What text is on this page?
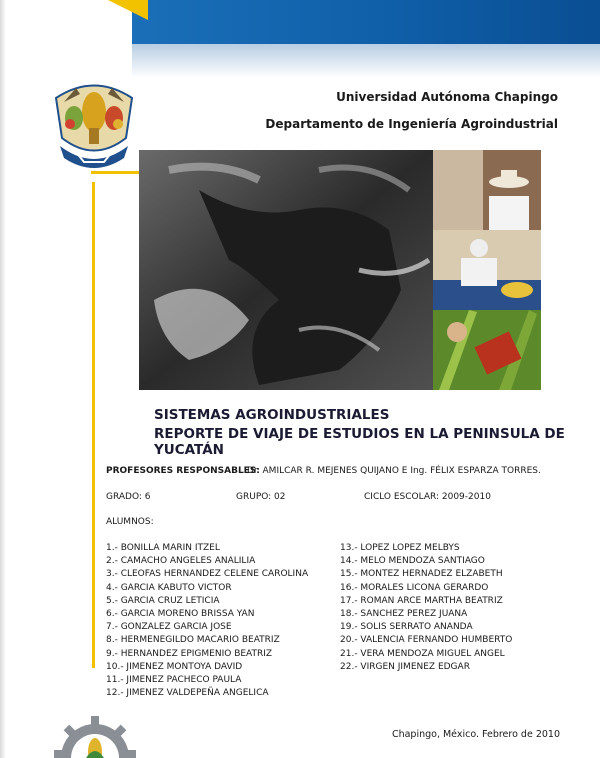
Universidad Autónoma Chapingo
Departamento de Ingeniería Agroindustrial
SISTEMAS AGROINDUSTRIALES
REPORTE DE VIAJE DE ESTUDIOS EN LA PENINSULA DE YUCATÁN
PROFESORES RESPONSABLES:
Dr. AMILCAR R. MEJENES QUIJANO E Ing. FÉLIX ESPARZA TORRES.
GRADO: 6	GRUPO: 02	CICLO ESCOLAR: 2009-2010
ALUMNOS:
1.- BONILLA MARIN ITZEL
2.- CAMACHO ANGELES ANALILIA
3.- CLEOFAS HERNANDEZ CELENE CAROLINA
4.- GARCIA KABUTO VICTOR
5.- GARCIA CRUZ LETICIA
6.- GARCIA MORENO BRISSA YAN
7.- GONZALEZ GARCIA JOSE
8.- HERMENEGILDO MACARIO BEATRIZ
9.- HERNANDEZ EPIGMENIO BEATRIZ
10.- JIMENEZ MONTOYA DAVID
11.- JIMENEZ PACHECO PAULA
12.- JIMENEZ VALDEPEÑA ANGELICA
13.- LOPEZ LOPEZ MELBYS
14.- MELO MENDOZA SANTIAGO
15.- MONTEZ HERNADEZ ELZABETH
16.- MORALES LICONA GERARDO
17.- ROMAN ARCE MARTHA BEATRIZ
18.- SANCHEZ PEREZ JUANA
19.- SOLIS SERRATO ANANDA
20.- VALENCIA FERNANDO HUMBERTO
21.- VERA MENDOZA MIGUEL ANGEL
22.- VIRGEN JIMENEZ EDGAR
Chapingo, México. Febrero de 2010
